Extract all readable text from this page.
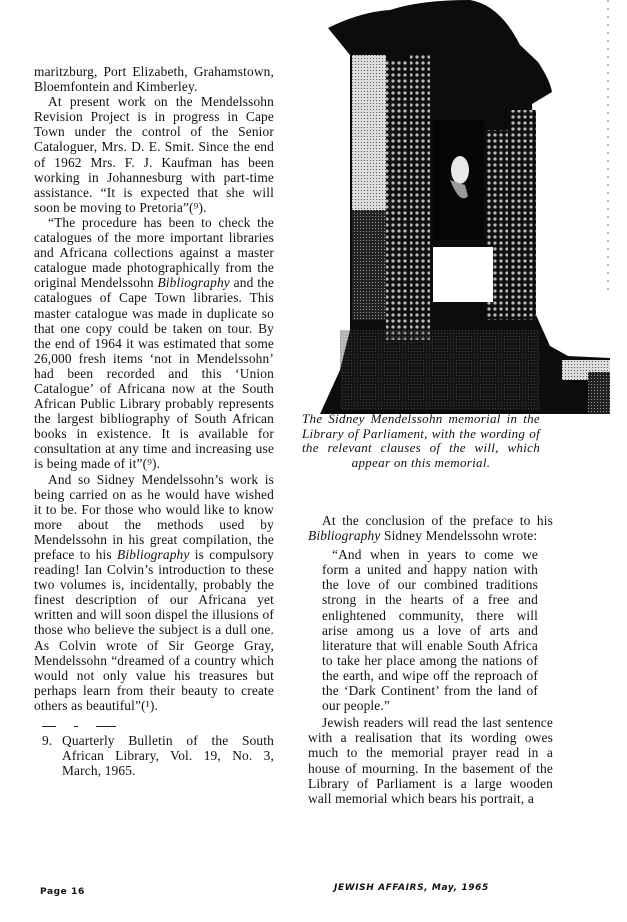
maritzburg, Port Elizabeth, Grahamstown, Bloemfontein and Kimberley.

At present work on the Mendelssohn Revision Project is in progress in Cape Town under the control of the Senior Cataloguer, Mrs. D. E. Smit. Since the end of 1962 Mrs. F. J. Kaufman has been working in Johannesburg with part-time assistance. “It is expected that she will soon be moving to Pretoria”(⁹).

“The procedure has been to check the catalogues of the more important libraries and Africana collections against a master catalogue made photographically from the original Mendelssohn Bibliography and the catalogues of Cape Town libraries. This master catalogue was made in duplicate so that one copy could be taken on tour. By the end of 1964 it was estimated that some 26,000 fresh items ‘not in Mendelssohn’ had been recorded and this ‘Union Catalogue’ of Africana now at the South African Public Library probably represents the largest bibliography of South African books in existence. It is available for consultation at any time and increasing use is being made of it”(⁹).

And so Sidney Mendelssohn’s work is being carried on as he would have wished it to be. For those who would like to know more about the methods used by Mendelssohn in his great compilation, the preface to his Bibliography is compulsory reading! Ian Colvin’s introduction to these two volumes is, incidentally, probably the finest description of our Africana yet written and will soon dispel the illusions of those who believe the subject is a dull one. As Colvin wrote of Sir George Gray, Mendelssohn “dreamed of a country which would not only value his treasures but perhaps learn from their beauty to create others as beautiful”(¹).

9. Quarterly Bulletin of the South African Library, Vol. 19, No. 3, March, 1965.
The Sidney Mendelssohn memorial in the Library of Parliament, with the wording of the relevant clauses of the will, which appear on this memorial.

At the conclusion of the preface to his Bibliography Sidney Mendelssohn wrote:

“And when in years to come we form a united and happy nation with the love of our combined traditions strong in the hearts of a free and enlightened community, there will arise among us a love of arts and literature that will enable South Africa to take her place among the nations of the earth, and wipe off the reproach of the ‘Dark Continent’ from the land of our people.”

Jewish readers will read the last sentence with a realisation that its wording owes much to the memorial prayer read in a house of mourning. In the basement of the Library of Parliament is a large wooden wall memorial which bears his portrait, a

Page 16	JEWISH AFFAIRS, May, 1965
